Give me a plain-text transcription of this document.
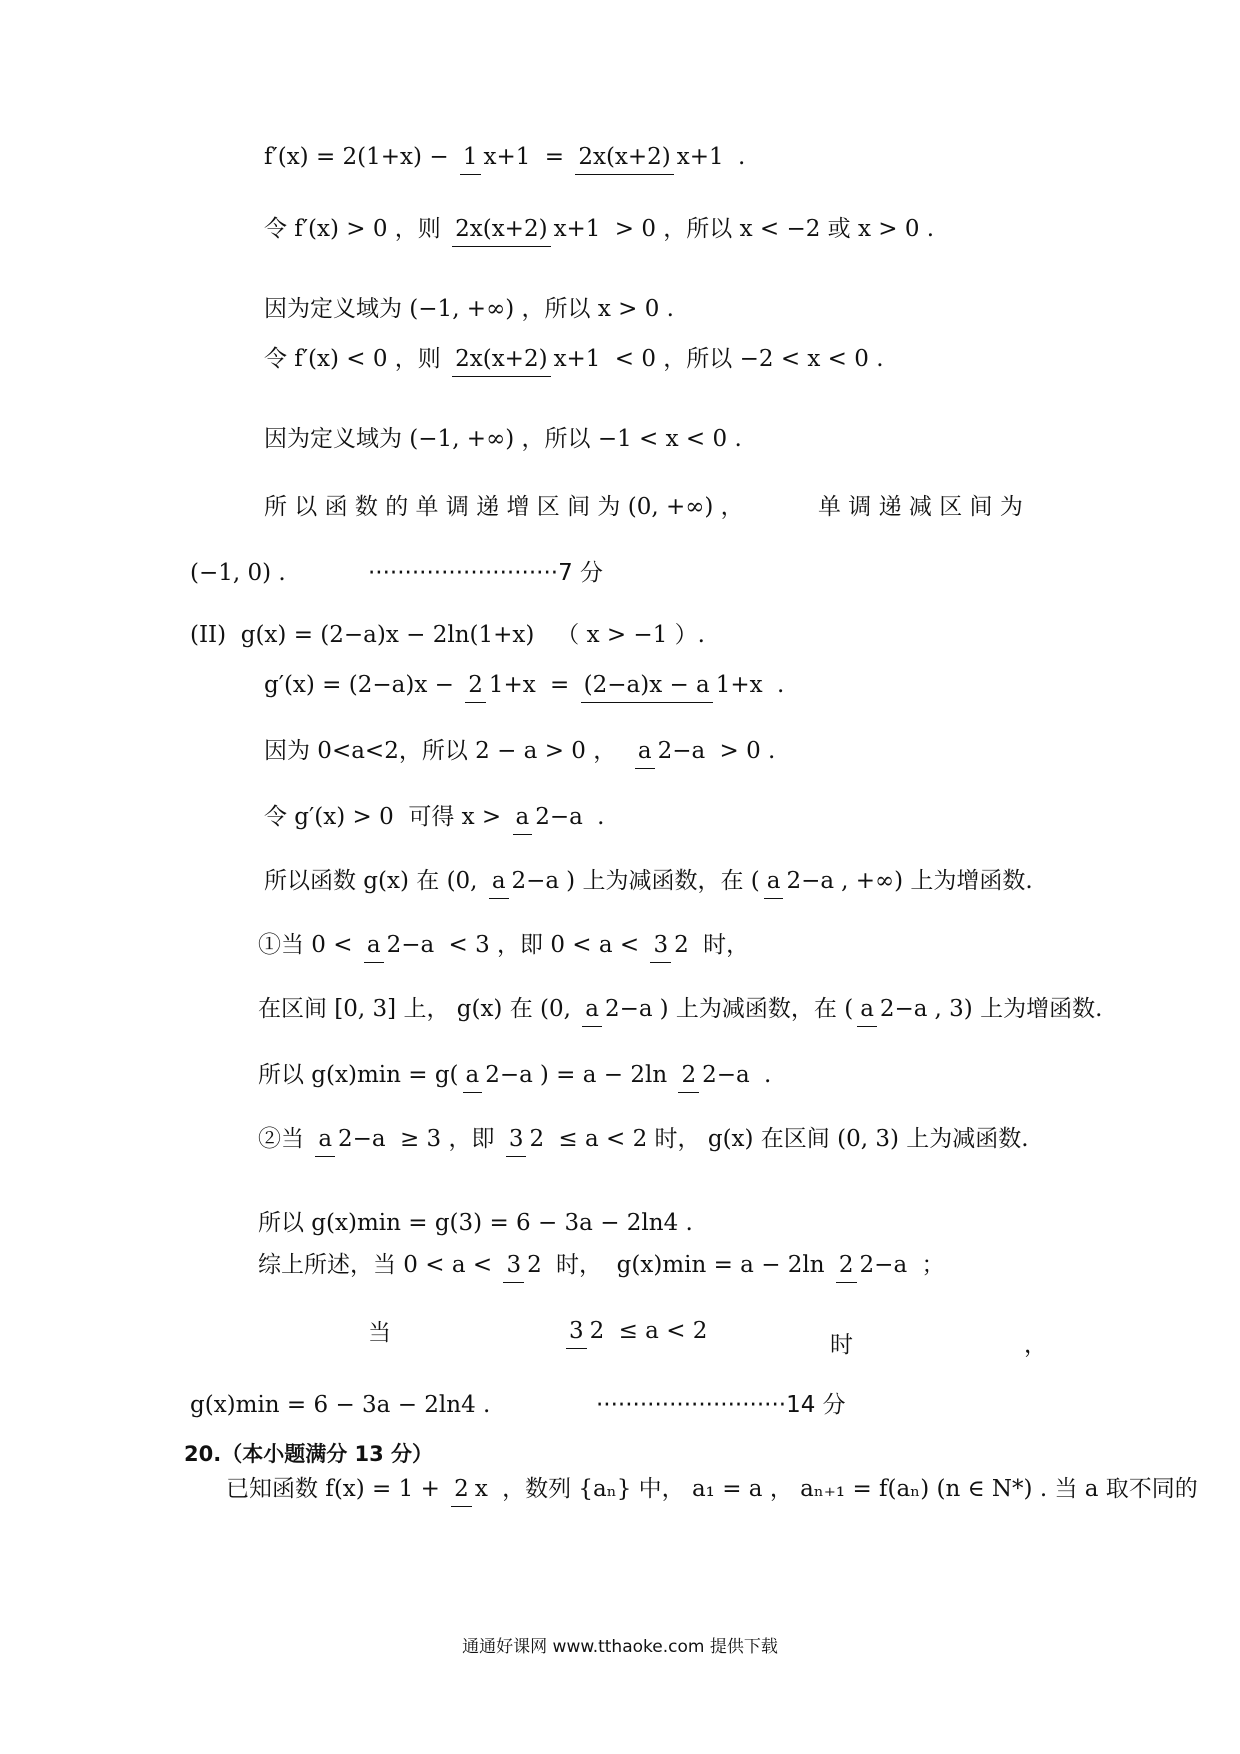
f′(x) = 2(1+x) − 1 x+1 = 2x(x+2) x+1 .
令 f′(x) > 0 ，则 2x(x+2) x+1 > 0 ，所以 x < −2 或 x > 0 .
因为定义域为 (−1, +∞) ，所以 x > 0 .
令 f′(x) < 0 ，则 2x(x+2) x+1 < 0 ，所以 −2 < x < 0 .
因为定义域为 (−1, +∞) ，所以 −1 < x < 0 .
所 以 函 数 的 单 调 递 增 区 间 为 (0, +∞) ，	单 调 递 减 区 间 为
(−1, 0) .	··························7 分
(II)  g(x) = (2−a)x − 2ln(1+x)   （ x > −1 ）.
g′(x) = (2−a)x − 2 1+x = (2−a)x − a 1+x .
因为 0<a<2，所以 2 − a > 0 ， a 2−a > 0 .
令 g′(x) > 0  可得 x > a 2−a .
所以函数 g(x) 在 (0, a 2−a ) 上为减函数，在 ( a 2−a , +∞) 上为增函数.
①当 0 < a 2−a < 3 ，即 0 < a < 3 2 时，
在区间 [0, 3] 上， g(x) 在 (0, a 2−a ) 上为减函数，在 ( a 2−a , 3) 上为增函数.
所以 g(x)min = g( a 2−a ) = a − 2ln 2 2−a .
②当 a 2−a ≥ 3 ，即 3 2 ≤ a < 2 时， g(x) 在区间 (0, 3) 上为减函数.
所以 g(x)min = g(3) = 6 − 3a − 2ln4 .
综上所述，当 0 < a < 3 2 时，  g(x)min = a − 2ln 2 2−a ；
当	3 2 ≤ a < 2
时	，
g(x)min = 6 − 3a − 2ln4 .	··························14 分
20.（本小题满分 13 分）
已知函数 f(x) = 1 + 2 x ，数列 {aₙ} 中， a₁ = a ， aₙ₊₁ = f(aₙ) (n ∈ N*) . 当 a 取不同的
通通好课网 www.tthaoke.com 提供下载
